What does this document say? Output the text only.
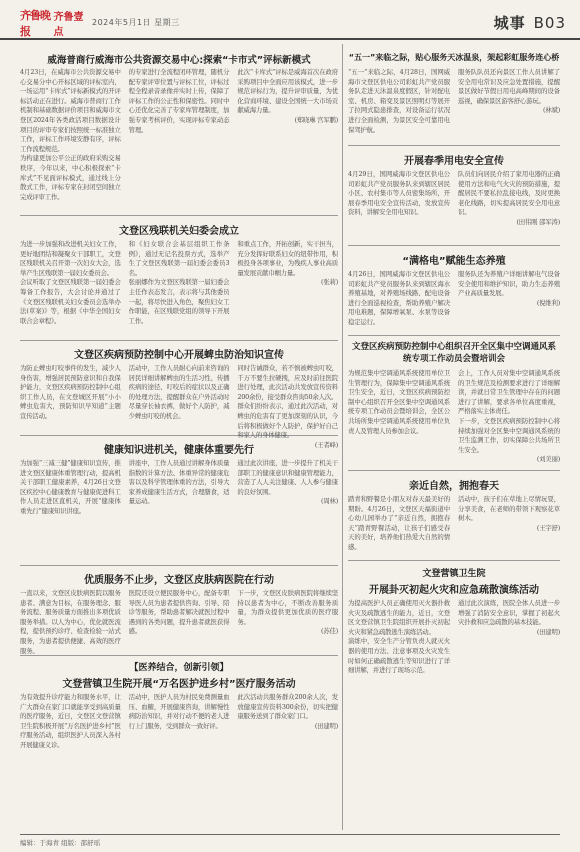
齐鲁晚报
齐鲁壹点
2024年5月1日 星期三	城事 B03
威海普商行威海市公共资源交易中心:探索“卡市式”评标新模式
4月23日，在威海市公共资源交易中心交易分中心开标区域的评标室内，一场运用“卡库式”评标新模式的开评标活动正在进行。威海市普商行工作机制和基础数据评价项目和威海市文登区2024年各类政活项目数据设计项目的评审专家们按照统一标准独立工作，评标工作环境安静有序，评标工作流程规范。
为构建更加公平公正的政府采购交易秩序，今年以来，中心积极探索“卡库式”不见面评标模式，通过线上分散式工作，评标专家在封闭空间独立完成评审工作。
的专家进行全流程闭环管理，随机分配专家评审位置与评标工位，评标过程全程录音录像并实时上传，保障了评标工作的公正性和保密性。同时中心还优化完善了专家库管理制度，加强专家考核评价，实现评标专家动态管理。
此次“卡库式”评标是威海首次在政府采购项目中全面应用该模式，进一步规范评标行为，提升评审质量，为优化营商环境、建设全国统一大市场贡献威海力量。
(郑晓琳 宫军鹏)
文登区残联机关妇委会成立
为进一步加强和改进机关妇女工作，更好地团结和凝聚女干部职工，文登区残联机关召开第一次妇女大会，选举产生区残联第一届妇女委员会。
会议听取了文登区残联第一届妇委会筹备工作报告，大会讨论并通过了《文登区残联机关妇女委员会选举办法(草案)》等，根据《中华全国妇女联合会章程》。
和《妇女联合会基层组织工作条例》，通过无记名投票方式，选举产生了文登区残联第一届妇委会委员3名。
张丽娜作为文登区残联第一届妇委会主任作表态发言，表示将与其他委员一起，将尽快进入角色，聚焦妇女工作职能，在区残联党组的领导下开展工作。
和重点工作，开拓创新，实干担当，充分发挥好联系妇女的纽带作用，积极投身各项事业，为残疾人事业高质量发展贡献巾帼力量。
(张莉)
文登区疾病预防控制中心开展蜱虫防治知识宣传
为防止蜱虫叮咬事件的发生，减少人身伤害，增强居民预防意识和自我保护能力，文登区疾病预防控制中心组织工作人员，在文登城区开展“小小蜱虫危害大，预防知识早知道”主题宣传活动。
活动中，工作人员耐心向前来咨询的居民详细讲解蜱虫的生活习性、传播疾病的途径、叮咬后的症状以及正确的处理方法，提醒群众在户外活动时尽量穿长袖衣裤，做好个人防护，减少蜱虫叮咬的机会。
同时告诫群众，若不慎被蜱虫叮咬，千万不要生拉硬拽，应及时前往医院进行处理，此次活动共发放宣传资料200余份，接受群众咨询50余人次。
群众们纷纷表示，通过此次活动，对蜱虫的危害有了更加深刻的认识，今后将积极做好个人防护，保护好自己和家人的身体健康。
(王者峰)
健康知识进机关，健康体重要先行
为加强“三减三健”健康知识宣传，推进文登区健康体重管理行动，提高机关干部职工健康素养，4月26日文登区疾控中心健康教育与健康促进科工作人员走进区直机关，开展“健康体重先行”健康知识讲座。
讲座中，工作人员通过讲解身体质量指数的计算方法、体重异常的健康危害以及科学管理体重的方法，引导大家养成健康生活方式，合理膳食，适量运动。
通过此次讲座，进一步提升了机关干部职工的健康意识和健康管理能力，营造了人人关注健康、人人参与健康的良好氛围。
(周林)
优质服务不止步，文登区皮肤病医院在行动
一直以来，文登区皮肤病医院以服务患者、满意为目标，在服务理念、服务流程、服务质量方面推出多项优质服务举措。以人为中心，优化就医流程，提供预约诊疗、检查检验一站式服务，为患者提供便捷、高效的医疗服务。
医院还设立便民服务中心，配备专职导医人员为患者提供咨询、引导、陪诊等服务，帮助患者解决就医过程中遇到的各类问题，提升患者就医获得感。
下一步，文登区皮肤病医院将继续坚持以患者为中心，不断改善服务质量，为群众提供更加优质的医疗服务。
(苏佳)
【医养结合，创新引领】
文登营镇卫生院开展“万名医护进乡村”医疗服务活动
为有效提升诊疗能力和服务水平，让广大群众在家门口就能享受到高质量的医疗服务，近日，文登区文登营镇卫生院积极开展“万名医护进乡村”医疗服务活动，组织医护人员深入各村开展健康义诊。
活动中，医护人员为村民免费测量血压、血糖，开展健康咨询，讲解慢性病防治知识，并对行动不便的老人进行上门服务，受到群众一致好评。
此次活动共服务群众200余人次，发放健康宣传资料300余份，切实把健康服务送到了群众家门口。
(田建明)
“五一”来临之际，贴心服务天冰温泉，架起彩虹服务连心桥
“五一”来临之际，4月28日，国网威海市文登区供电公司彩虹共产党员服务队走进天沐温泉度假区，针对配电室、机房、箱变及景区照明灯等展开了拉网式隐患排查，对设备运行状况进行全面检测，为景区安全可靠用电保驾护航。
服务队队员还向景区工作人员讲解了安全用电常识及应急处置措施，提醒景区做好节假日用电高峰期间的设备巡视，确保景区游客舒心游玩。
(林斌)
开展春季用电安全宣传
4月29日，国网威海市文登区供电公司彩虹共产党员服务队来到辖区居民小区、农村集市等人员密集场所，开展春季用电安全宣传活动，发放宣传资料，讲解安全用电知识。
队员们向居民介绍了家用电器的正确使用方法和电气火灾的预防措施，提醒居民不要私拉乱接电线，及时更换老化线路，切实提高居民安全用电意识。
(田伟刚 邵军涛)
“满格电”赋能生态养殖
4月26日，国网威海市文登区供电公司彩虹共产党员服务队来到辖区海水养殖基地，对养殖场线路、配电设备进行全面巡视检查，帮助养殖户解决用电难题，保障增氧泵、水泵等设备稳定运行。
服务队还为养殖户详细讲解电气设备安全使用和维护知识，助力生态养殖产业高质量发展。
(倪维利)
文登区疾病预防控制中心组织召开全区集中空调通风系统专项工作动员会暨培训会
为规范集中空调通风系统使用单位卫生管理行为，保障集中空调通风系统卫生安全，近日，文登区疾病预防控制中心组织召开全区集中空调通风系统专项工作动员会暨培训会，全区公共场所集中空调通风系统使用单位负责人及管理人员参加会议。
会上，工作人员对集中空调通风系统的卫生规范及检测要求进行了详细解读，并就日常卫生管理中存在的问题进行了讲解，要求各单位高度重视，严格落实主体责任。
下一步，文登区疾病预防控制中心将持续加强对全区集中空调通风系统的卫生监测工作，切实保障公共场所卫生安全。
(刘美丽)
亲近自然，拥抱春天
踏青和野餐是小朋友对春天最美好的期盼。4月26日，文登区天福街道中心幼儿园举办了“亲近自然，拥抱春天”踏青野餐活动，让孩子们感受春天的美好，培养他们热爱大自然的情感。
活动中，孩子们在草地上尽情玩耍，分享美食，在老师的带领下观察花草树木。
(王宇舒)
文登营镇卫生院
开展卦灭初起火灾和应急疏散演练活动
为提高医护人员正确使用灭火器扑救火灾及疏散逃生的能力，近日，文登区文登营镇卫生院组织开展扑灭初起火灾和紧急疏散逃生演练活动。
演练中，安全生产分管负责人就灭火器的使用方法、注意事项及火灾发生时如何正确疏散逃生等知识进行了详细讲解，并进行了现场示范。
通过此次演练，医院全体人员进一步增强了消防安全意识，掌握了初起火灾扑救和应急疏散的基本技能。
(田建明)
编辑：于海青 组版：邵舒瑶
